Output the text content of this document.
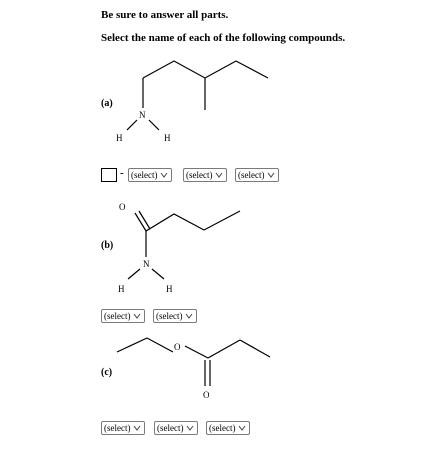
Be sure to answer all parts.
Select the name of each of the following compounds.
(a)
N
H	H
O
N
H	H
O
O
- (select)	(select)	(select)
(b)
(select)	(select)
(c)
(select)	(select)	(select)
